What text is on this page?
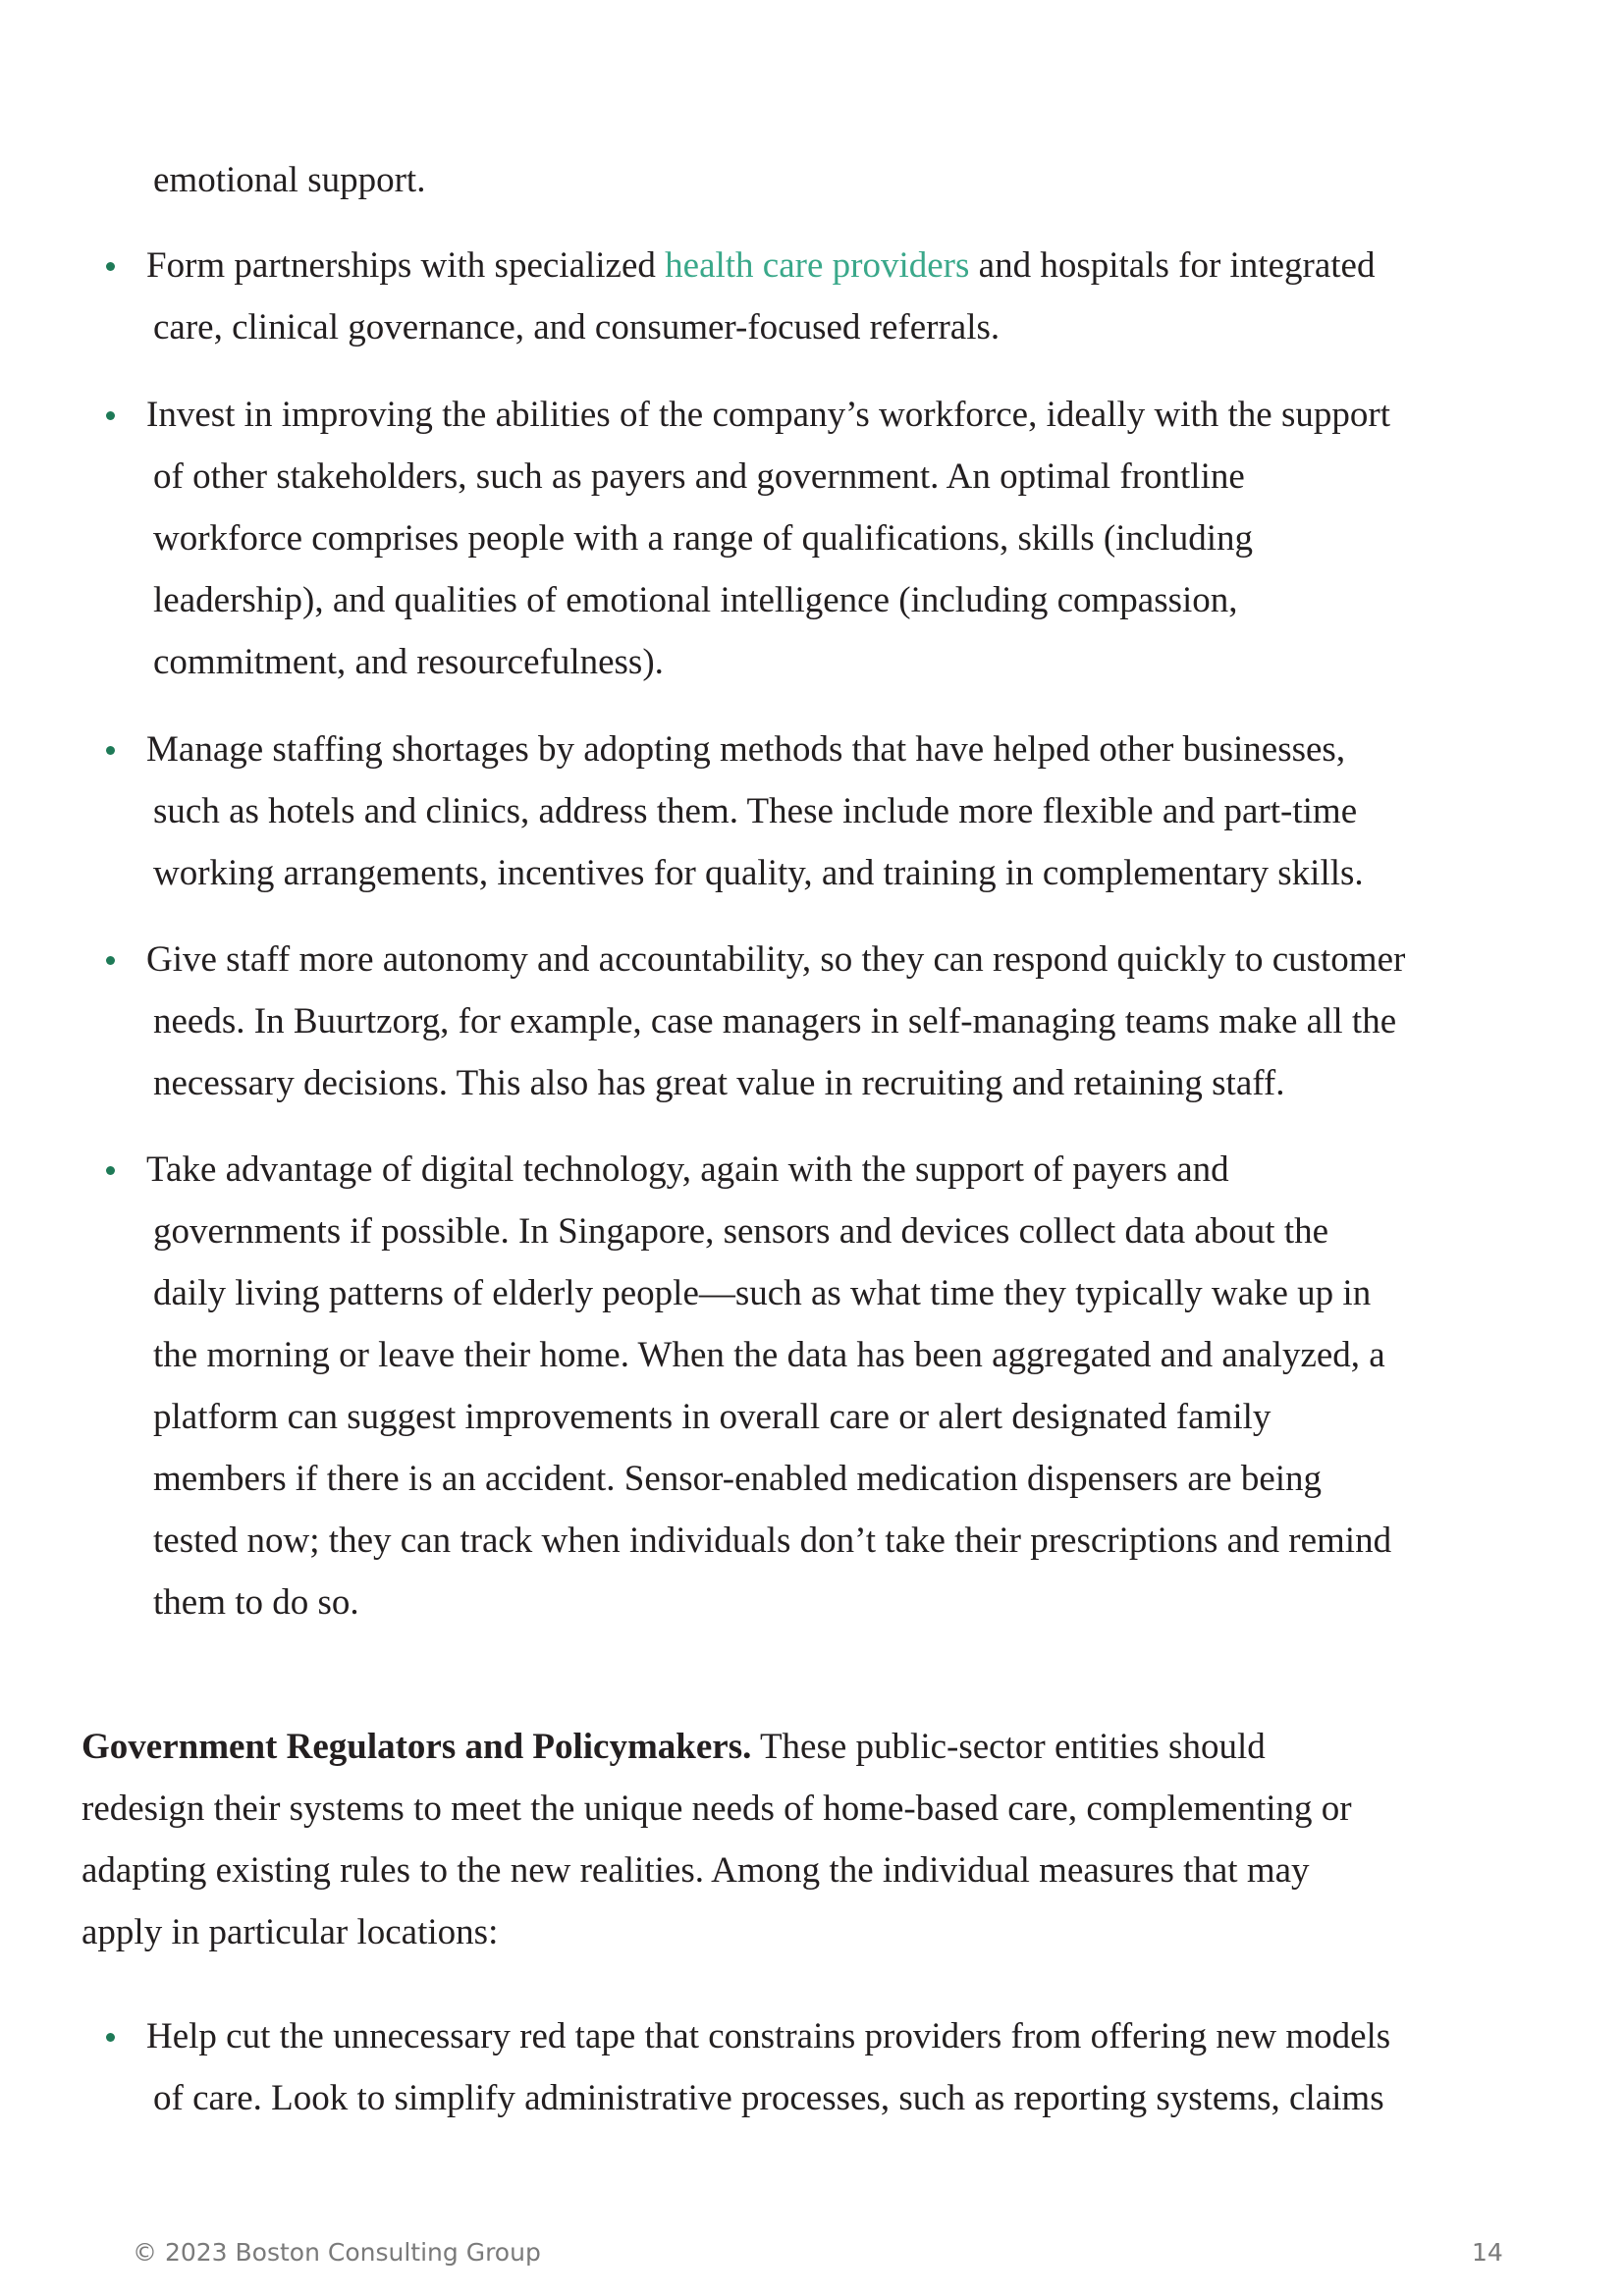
emotional support.
Form partnerships with specialized health care providers and hospitals for integrated
care, clinical governance, and consumer-focused referrals.
Invest in improving the abilities of the company’s workforce, ideally with the support
of other stakeholders, such as payers and government. An optimal frontline
workforce comprises people with a range of qualifications, skills (including
leadership), and qualities of emotional intelligence (including compassion,
commitment, and resourcefulness).
Manage staffing shortages by adopting methods that have helped other businesses,
such as hotels and clinics, address them. These include more flexible and part-time
working arrangements, incentives for quality, and training in complementary skills.
Give staff more autonomy and accountability, so they can respond quickly to customer
needs. In Buurtzorg, for example, case managers in self-managing teams make all the
necessary decisions. This also has great value in recruiting and retaining staff.
Take advantage of digital technology, again with the support of payers and
governments if possible. In Singapore, sensors and devices collect data about the
daily living patterns of elderly people—such as what time they typically wake up in
the morning or leave their home. When the data has been aggregated and analyzed, a
platform can suggest improvements in overall care or alert designated family
members if there is an accident. Sensor-enabled medication dispensers are being
tested now; they can track when individuals don’t take their prescriptions and remind
them to do so.
Government Regulators and Policymakers. These public-sector entities should
redesign their systems to meet the unique needs of home-based care, complementing or
adapting existing rules to the new realities. Among the individual measures that may
apply in particular locations:
Help cut the unnecessary red tape that constrains providers from offering new models
of care. Look to simplify administrative processes, such as reporting systems, claims
© 2023 Boston Consulting Group	14
